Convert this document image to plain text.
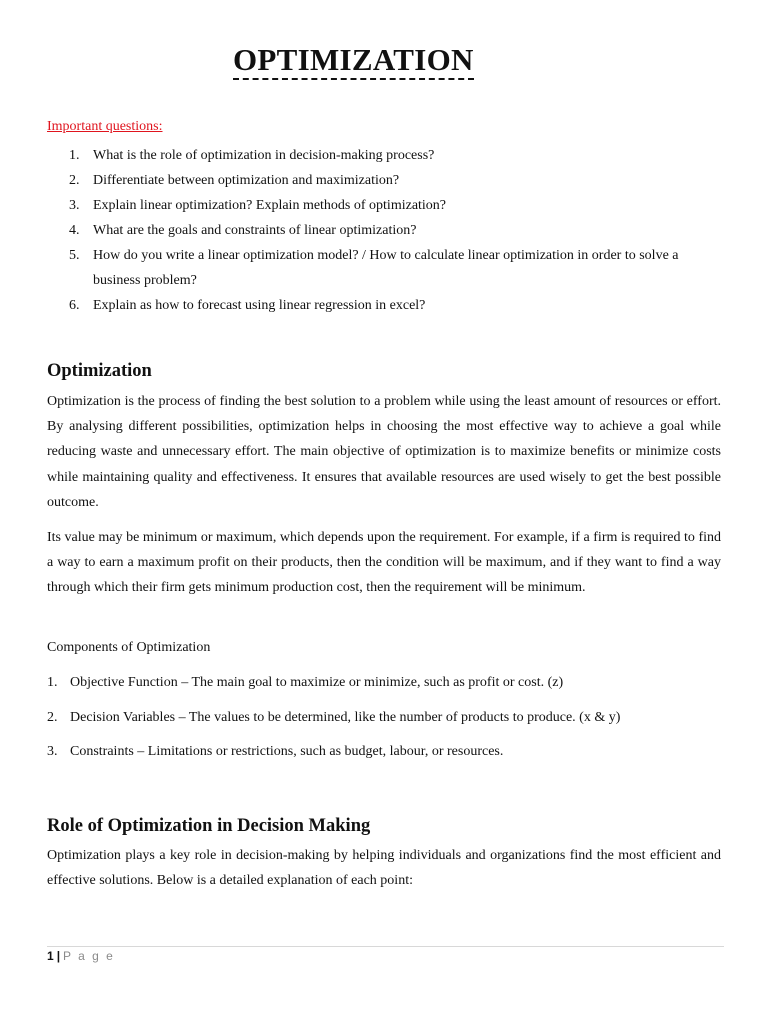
OPTIMIZATION
Important questions:
1. What is the role of optimization in decision-making process?
2. Differentiate between optimization and maximization?
3. Explain linear optimization? Explain methods of optimization?
4. What are the goals and constraints of linear optimization?
5. How do you write a linear optimization model? / How to calculate linear optimization in order to solve a business problem?
6. Explain as how to forecast using linear regression in excel?
Optimization
Optimization is the process of finding the best solution to a problem while using the least amount of resources or effort. By analysing different possibilities, optimization helps in choosing the most effective way to achieve a goal while reducing waste and unnecessary effort. The main objective of optimization is to maximize benefits or minimize costs while maintaining quality and effectiveness. It ensures that available resources are used wisely to get the best possible outcome.
Its value may be minimum or maximum, which depends upon the requirement. For example, if a firm is required to find a way to earn a maximum profit on their products, then the condition will be maximum, and if they want to find a way through which their firm gets minimum production cost, then the requirement will be minimum.
Components of Optimization
1. Objective Function – The main goal to maximize or minimize, such as profit or cost. (z)
2. Decision Variables – The values to be determined, like the number of products to produce. (x & y)
3. Constraints – Limitations or restrictions, such as budget, labour, or resources.
Role of Optimization in Decision Making
Optimization plays a key role in decision-making by helping individuals and organizations find the most efficient and effective solutions. Below is a detailed explanation of each point:
1 | P a g e
